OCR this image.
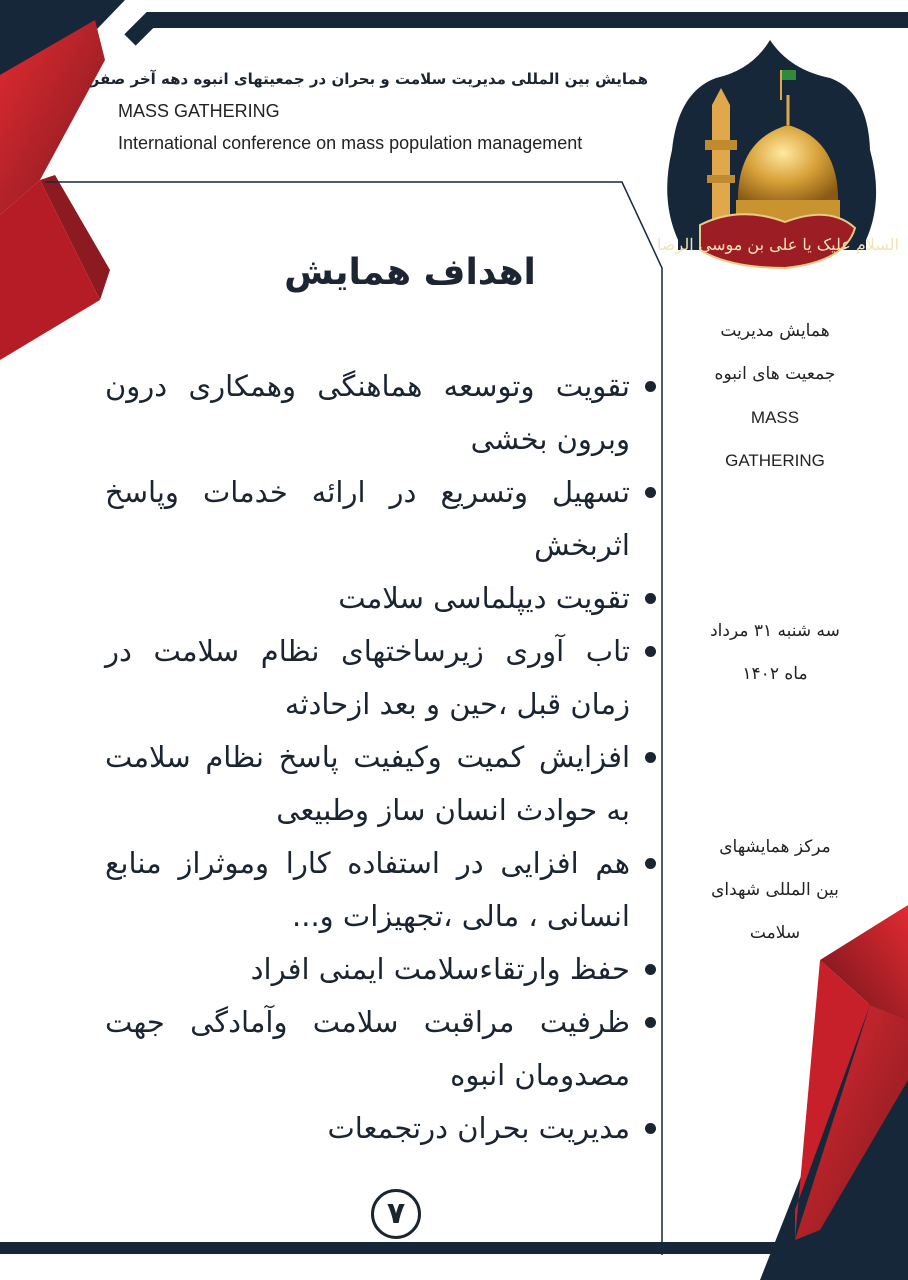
السلام علیک یا علی بن موسی الرضا

همایش بین المللی مدیریت سلامت و بحران در جمعیتهای انبوه دهه آخر صفر

MASS GATHERING

International conference on mass population management

اهداف همایش
تقویت وتوسعه هماهنگی وهمکاری درون وبرون بخشی
تسهیل وتسریع در ارائه خدمات وپاسخ اثربخش
تقویت دیپلماسی سلامت
تاب آوری زیرساختهای نظام سلامت در زمان قبل ،حین و بعد ازحادثه
افزایش کمیت وکیفیت پاسخ نظام سلامت به حوادث انسان ساز وطبیعی
هم افزایی در استفاده کارا وموثراز منابع انسانی ، مالی ،تجهیزات و...
حفظ وارتقاءسلامت ایمنی افراد
ظرفیت مراقبت سلامت وآمادگی جهت مصدومان انبوه
مدیریت بحران درتجمعات

همایش مدیریت

جمعیت های انبوه

MASS

GATHERING

سه شنبه ۳۱ مرداد

ماه ۱۴۰۲

مرکز همایشهای

بین المللی شهدای

سلامت

۷
